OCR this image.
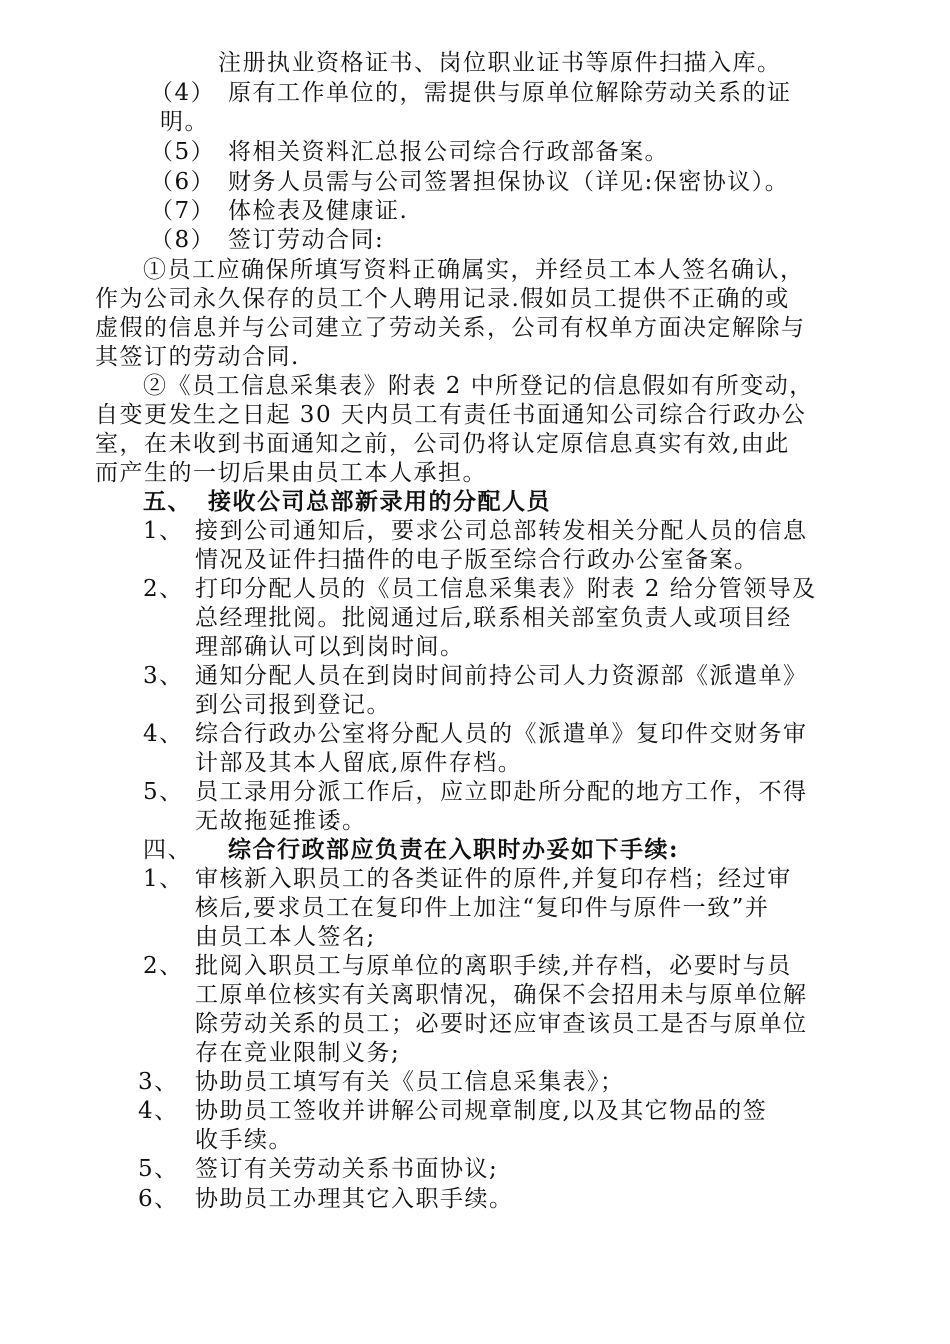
注册执业资格证书、岗位职业证书等原件扫描入库。
（4） 原有工作单位的，需提供与原单位解除劳动关系的证
明。
（5） 将相关资料汇总报公司综合行政部备案。
（6） 财务人员需与公司签署担保协议（详见:保密协议）。
（7） 体检表及健康证.
（8） 签订劳动合同:
①员工应确保所填写资料正确属实，并经员工本人签名确认，
作为公司永久保存的员工个人聘用记录.假如员工提供不正确的或
虚假的信息并与公司建立了劳动关系，公司有权单方面决定解除与
其签订的劳动合同.
②《员工信息采集表》附表 2 中所登记的信息假如有所变动，
自变更发生之日起 30 天内员工有责任书面通知公司综合行政办公
室，在未收到书面通知之前，公司仍将认定原信息真实有效,由此
而产生的一切后果由员工本人承担。
五、 接收公司总部新录用的分配人员
1、 接到公司通知后，要求公司总部转发相关分配人员的信息
情况及证件扫描件的电子版至综合行政办公室备案。
2、 打印分配人员的《员工信息采集表》附表 2 给分管领导及
总经理批阅。批阅通过后,联系相关部室负责人或项目经
理部确认可以到岗时间。
3、 通知分配人员在到岗时间前持公司人力资源部《派遣单》
到公司报到登记。
4、 综合行政办公室将分配人员的《派遣单》复印件交财务审
计部及其本人留底,原件存档。
5、 员工录用分派工作后，应立即赴所分配的地方工作，不得
无故拖延推诿。
四、 综合行政部应负责在入职时办妥如下手续:
1、 审核新入职员工的各类证件的原件,并复印存档；经过审
核后,要求员工在复印件上加注“复印件与原件一致”并
由员工本人签名;
2、 批阅入职员工与原单位的离职手续,并存档，必要时与员
工原单位核实有关离职情况，确保不会招用未与原单位解
除劳动关系的员工；必要时还应审查该员工是否与原单位
存在竞业限制义务;
3、 协助员工填写有关《员工信息采集表》；
4、 协助员工签收并讲解公司规章制度,以及其它物品的签
收手续。
5、 签订有关劳动关系书面协议;
6、 协助员工办理其它入职手续。
